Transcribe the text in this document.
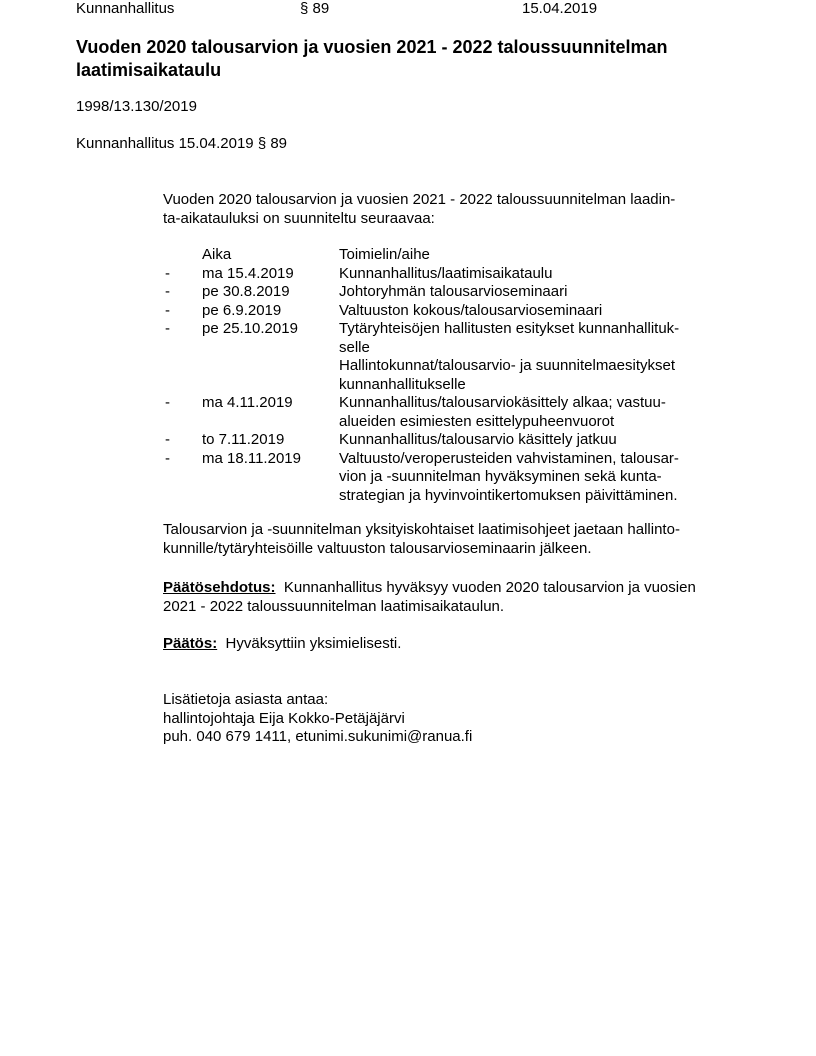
Kunnanhallitus	§ 89	15.04.2019
Vuoden 2020 talousarvion ja vuosien 2021 - 2022 taloussuunnitelman
laatimisaikataulu
1998/13.130/2019
Kunnanhallitus 15.04.2019 § 89
Vuoden 2020 talousarvion ja vuosien 2021 - 2022 taloussuunnitelman laadin-
ta-aikatauluksi on suunniteltu seuraavaa:
Aika	Toimielin/aihe
- ma 15.4.2019	Kunnanhallitus/laatimisaikataulu
- pe 30.8.2019	Johtoryhmän talousarvioseminaari
- pe 6.9.2019	Valtuuston kokous/talousarvioseminaari
- pe 25.10.2019	Tytäryhteisöjen hallitusten esitykset kunnanhallituk-
selle
Hallintokunnat/talousarvio- ja suunnitelmaesitykset
kunnanhallitukselle
- ma 4.11.2019	Kunnanhallitus/talousarviokäsittely alkaa; vastuu-
alueiden esimiesten esittelypuheenvuorot
- to 7.11.2019	Kunnanhallitus/talousarvio käsittely jatkuu
- ma 18.11.2019	Valtuusto/veroperusteiden vahvistaminen, talousar-
vion ja -suunnitelman hyväksyminen sekä kunta-
strategian ja hyvinvointikertomuksen päivittäminen.
Talousarvion ja -suunnitelman yksityiskohtaiset laatimisohjeet jaetaan hallinto-
kunnille/tytäryhteisöille valtuuston talousarvioseminaarin jälkeen.
Päätösehdotus: Kunnanhallitus hyväksyy vuoden 2020 talousarvion ja vuosien
2021 - 2022 taloussuunnitelman laatimisaikataulun.
Päätös: Hyväksyttiin yksimielisesti.
Lisätietoja asiasta antaa:
hallintojohtaja Eija Kokko-Petäjäjärvi
puh. 040 679 1411, etunimi.sukunimi@ranua.fi
